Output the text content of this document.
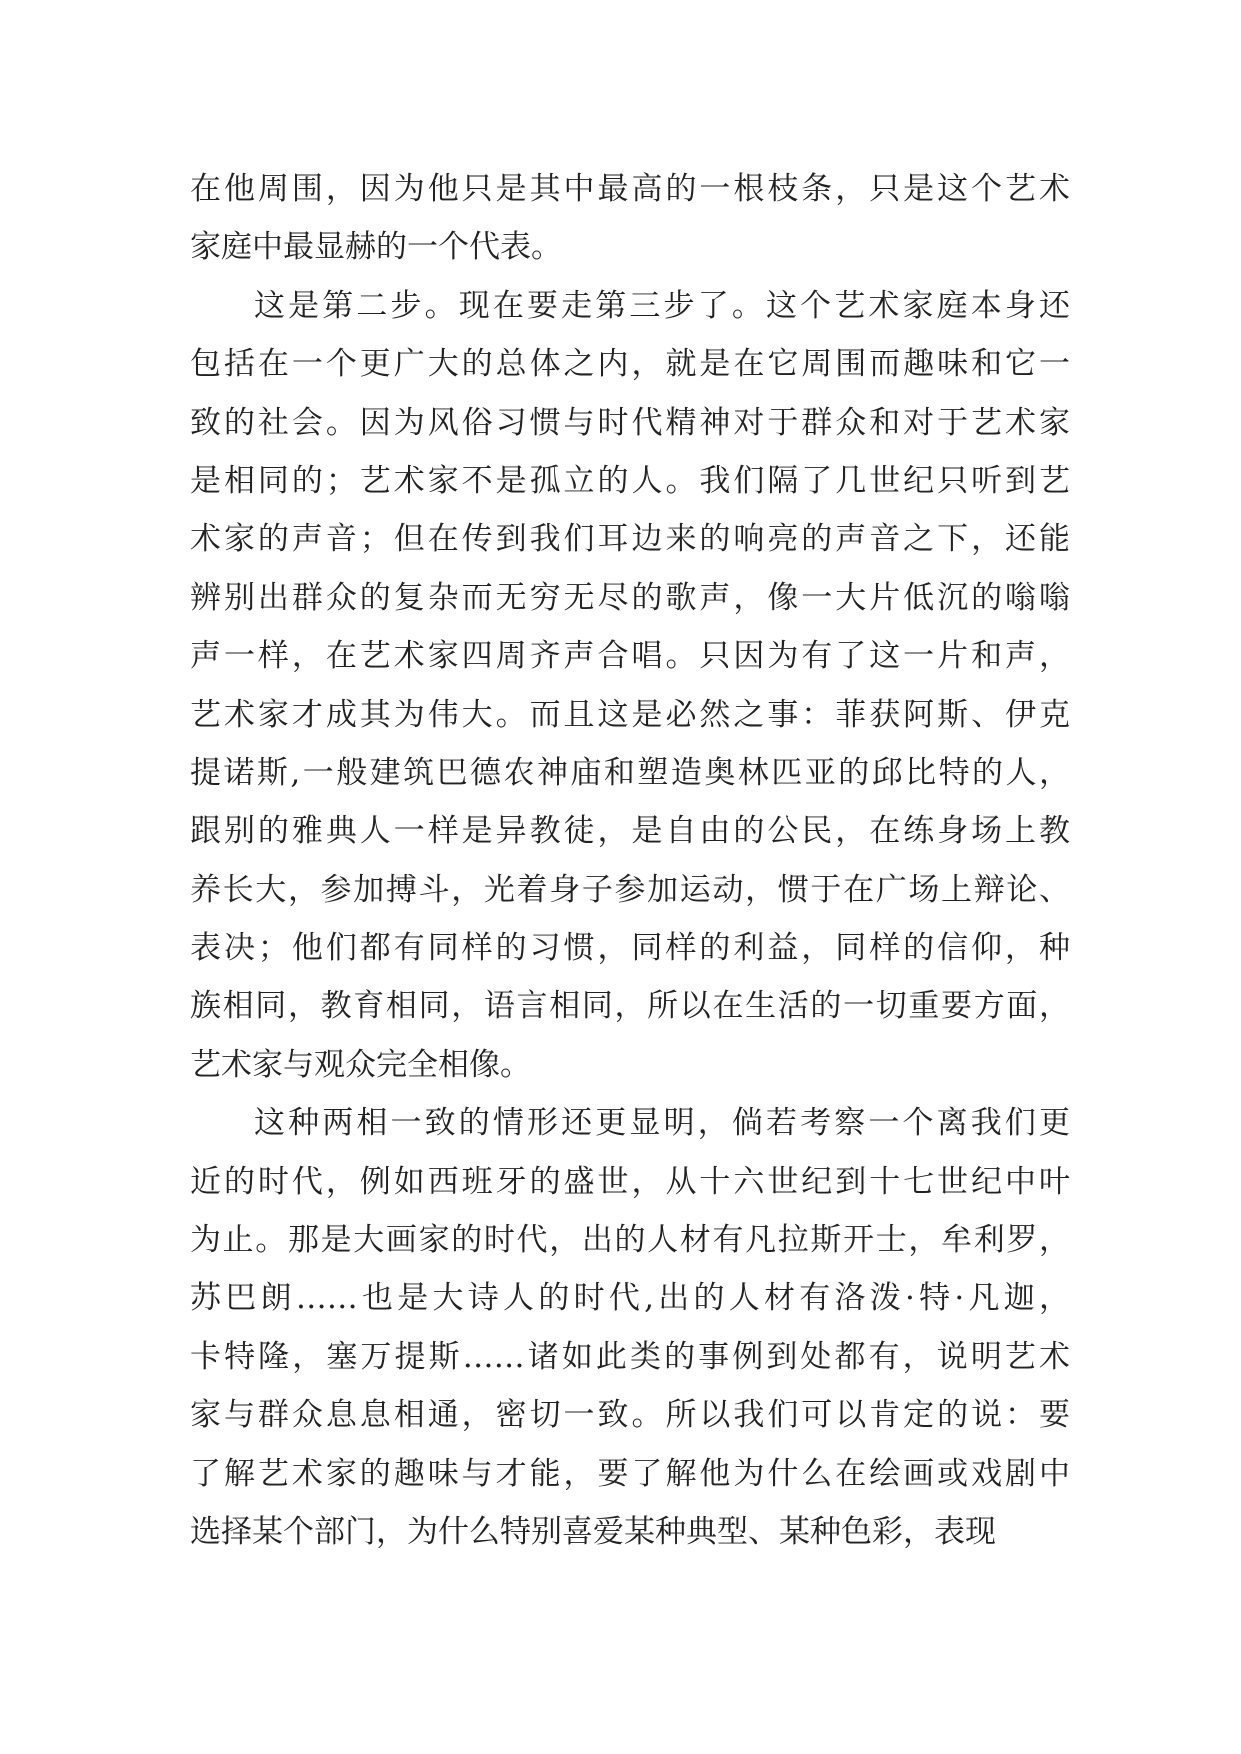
在他周围，因为他只是其中最高的一根枝条，只是这个艺术
家庭中最显赫的一个代表。
这是第二步。现在要走第三步了。这个艺术家庭本身还
包括在一个更广大的总体之内，就是在它周围而趣味和它一
致的社会。因为风俗习惯与时代精神对于群众和对于艺术家
是相同的；艺术家不是孤立的人。我们隔了几世纪只听到艺
术家的声音；但在传到我们耳边来的响亮的声音之下，还能
辨别出群众的复杂而无穷无尽的歌声，像一大片低沉的嗡嗡
声一样，在艺术家四周齐声合唱。只因为有了这一片和声，
艺术家才成其为伟大。而且这是必然之事：菲获阿斯、伊克
提诺斯,一般建筑巴德农神庙和塑造奥林匹亚的邱比特的人，
跟别的雅典人一样是异教徒，是自由的公民，在练身场上教
养长大，参加搏斗，光着身子参加运动，惯于在广场上辩论、
表决；他们都有同样的习惯，同样的利益，同样的信仰，种
族相同，教育相同，语言相同，所以在生活的一切重要方面，
艺术家与观众完全相像。
这种两相一致的情形还更显明，倘若考察一个离我们更
近的时代，例如西班牙的盛世，从十六世纪到十七世纪中叶
为止。那是大画家的时代，出的人材有凡拉斯开士，牟利罗，
苏巴朗……也是大诗人的时代,出的人材有洛泼·特·凡迦，
卡特隆，塞万提斯……诸如此类的事例到处都有，说明艺术
家与群众息息相通，密切一致。所以我们可以肯定的说：要
了解艺术家的趣味与才能，要了解他为什么在绘画或戏剧中
选择某个部门，为什么特别喜爱某种典型、某种色彩，表现
